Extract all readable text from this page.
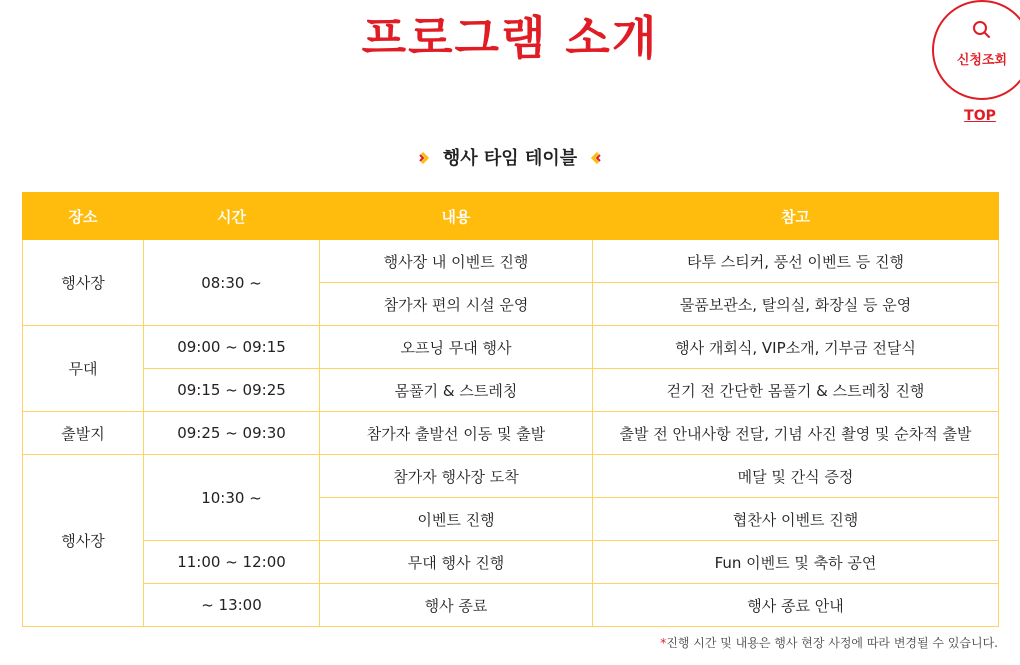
프로그램 소개	신청조회
TOP
행사 타임 테이블
장소	시간	내용	참고
행사장	08:30 ~	행사장 내 이벤트 진행	타투 스티커, 풍선 이벤트 등 진행
		참가자 편의 시설 운영	물품보관소, 탈의실, 화장실 등 운영
무대	09:00 ~ 09:15	오프닝 무대 행사	행사 개회식, VIP소개, 기부금 전달식
	09:15 ~ 09:25	몸풀기 & 스트레칭	걷기 전 간단한 몸풀기 & 스트레칭 진행
출발지	09:25 ~ 09:30	참가자 출발선 이동 및 출발	출발 전 안내사항 전달, 기념 사진 촬영 및 순차적 출발
행사장	10:30 ~	참가자 행사장 도착	메달 및 간식 증정
		이벤트 진행	협찬사 이벤트 진행
	11:00 ~ 12:00	무대 행사 진행	Fun 이벤트 및 축하 공연
	~ 13:00	행사 종료	행사 종료 안내
*진행 시간 및 내용은 행사 현장 사정에 따라 변경될 수 있습니다.
